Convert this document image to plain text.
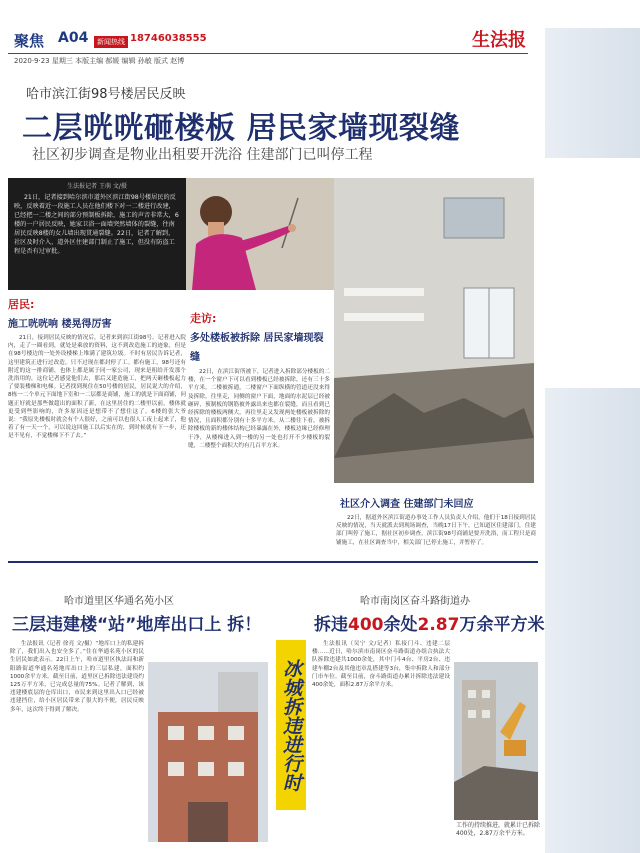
聚焦 A04	新闻热线 18746038555	生法报
2020·9·23 星期三 本版主编 郝媛 编辑 孙敏 版式 赵博
哈市滨江街98号楼居民反映
二层咣咣砸楼板 居民家墙现裂缝
社区初步调查是物业出租要开洗浴 住建部门已叫停工程
生法报记者 王萌 文/摄
21日，记者接到哈尔滨市道外区滨江街98号楼居民的反映，反映着近一段施工人员在他们楼下对一二楼进行改建，已经把一二楼之间的部分预制板拆除，施工的声音非常大，6楼的一户居民反映，她家卫浴一面墙突然墙体的裂缝，往南居民反映8楼的女儿墙出现贯通裂缝。22日，记者了解到，社区及时介入，道外区住建部门制止了施工，但没有防盗工程是否有过审批。
居民:
施工咣咣响 楼晃得厉害
21日，接到居民反映的情况后，记者来到滨江街98号。记者进入院内，走了一圈看到，就处是乘放的资料，这不到改造施工的迹象，但是在98号楼边的一处外设楼梯上堆满了建筑垃圾。不时有居民告诉记者，这里建筑正进行过改造，只不过现在都封停了工。都有施工，98号还有附近的这一排商铺，也体上都是属于同一家公司，现来是租给开发那个洗浴用的，这位记者感觉他们去，那后又建造施工，把两天砸楼板起力了要装楼梯和电梯。记者找到现住在50号楼的居民，居民说大的介绍，8栋一二个单元下面地下室和一二层都是商铺，施工的就是下面商铺，问题正好就是那些做超出的面积了新，在这里居住的二楼里以前，楼体就更受到些影响的，许多原因还是想带不了想住这了。6楼的张大爷说：“我原先楼板时就会有个人很好，之前可以也很人工夜上起来了，他着了有一天一个，可以说这回施工以后实在的，到时候就有下一步，还是不见有，不觉楼梯下不了去。”
走访:
多处楼板被拆除 居民家墙现裂缝
22日，在滨江街所被下，记者进入拆除部分楼板的二楼，在一个窗户下可以看到楼板已经被拆除，还有三十多平方米。二楼被拆通，二楼窗户下面纵横的管道还没来得及拆除。往里走，同侧的窗户下面，地面的水泥层已经被砸碎，预制板的钢筋被外露出来也都在裂缝，而且看到已经拆除的楼板两侧大，再往里走又发现两处楼板被拆除的情况，且面积都分别有十多平方米。从二楼往下看，被拆除楼板的新的楼体结构已经暴露在外，楼板边缘已经修理干净，从楼梯进入到一楼的另一处也打开不少楼板的裂缝，二楼整个面积大约有几百平方米。
社区介入调查 住建部门未回应
22日，据道外区滨江街道办事处工作人员负责人介绍，他们于18日接到居民反映的情况，当天就派去到现场调查，当晚17日下午，已知道区住建部门，住建部门叫停了施工，据社区初步调查，滨江街98号商铺是要开洗浴，而工程只是商铺施工，在社区调查当中，相关部门已停止施工，并暂停了。
哈市道里区华通名苑小区
三层违建楼“站”地库出口上 拆！
生法报讯（记者 徐亮 文/摄）“地库口上的私建拆除了，我们出入也安全多了。”住在华通名苑小区的民生居民如此表示。22日上午，哈市道里区执法局和新阳路街道华通名苑地库出口上的三层私建，面积约1000余平方米。截至日前，道里区已拆除违法建设约125万平方米，已完成总量的75%。记者了解到，该违建楼底层的仓库出口，市民来到这里出入口已经被违建挡住，给小区居民带来了很大的不便，居民反映多年，这次终于得到了解决。	冰城拆违进行时
哈市南岗区奋斗路街道办
拆违400余处2.87万余平方米
生法报讯（吴宁 文/记者）私接门斗、违建二层楼……近日，哈尔滨市南岗区奋斗路街道办组合执法大队拆除违建共1000余处，其中门斗4台、平房2台、违建车棚2台及其他违章乱搭建等3台，集中拆除人和部分门市车位。截至目前，奋斗路街道办累计拆除违法建设400余处，面积2.87万余平方米。
工作的持续推进，就累计已拆除400处，2.87万余平方米。
